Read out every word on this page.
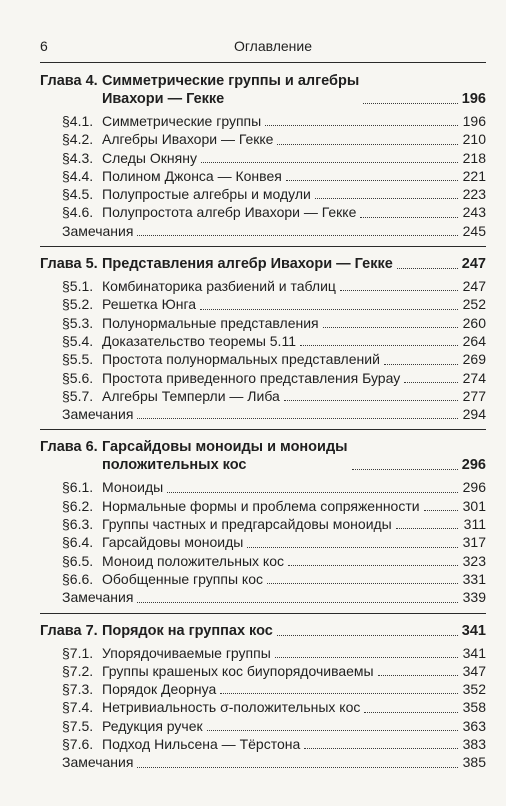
6	Оглавление
Глава 4. Симметрические группы и алгебры
Ивахори — Гекке	196
§4.1. Симметрические группы	196
§4.2. Алгебры Ивахори — Гекке	210
§4.3. Следы Окняну	218
§4.4. Полином Джонса — Конвея	221
§4.5. Полупростые алгебры и модули	223
§4.6. Полупростота алгебр Ивахори — Гекке	243
Замечания	245
Глава 5. Представления алгебр Ивахори — Гекке	247
§5.1. Комбинаторика разбиений и таблиц	247
§5.2. Решетка Юнга	252
§5.3. Полунормальные представления	260
§5.4. Доказательство теоремы 5.11	264
§5.5. Простота полунормальных представлений	269
§5.6. Простота приведенного представления Бурау	274
§5.7. Алгебры Темперли — Либа	277
Замечания	294
Глава 6. Гарсайдовы моноиды и моноиды
положительных кос	296
§6.1. Моноиды	296
§6.2. Нормальные формы и проблема сопряженности	301
§6.3. Группы частных и предгарсайдовы моноиды	311
§6.4. Гарсайдовы моноиды	317
§6.5. Моноид положительных кос	323
§6.6. Обобщенные группы кос	331
Замечания	339
Глава 7. Порядок на группах кос	341
§7.1. Упорядочиваемые группы	341
§7.2. Группы крашеных кос биупорядочиваемы	347
§7.3. Порядок Деорнуа	352
§7.4. Нетривиальность σ-положительных кос	358
§7.5. Редукция ручек	363
§7.6. Подход Нильсена — Тёрстона	383
Замечания	385
